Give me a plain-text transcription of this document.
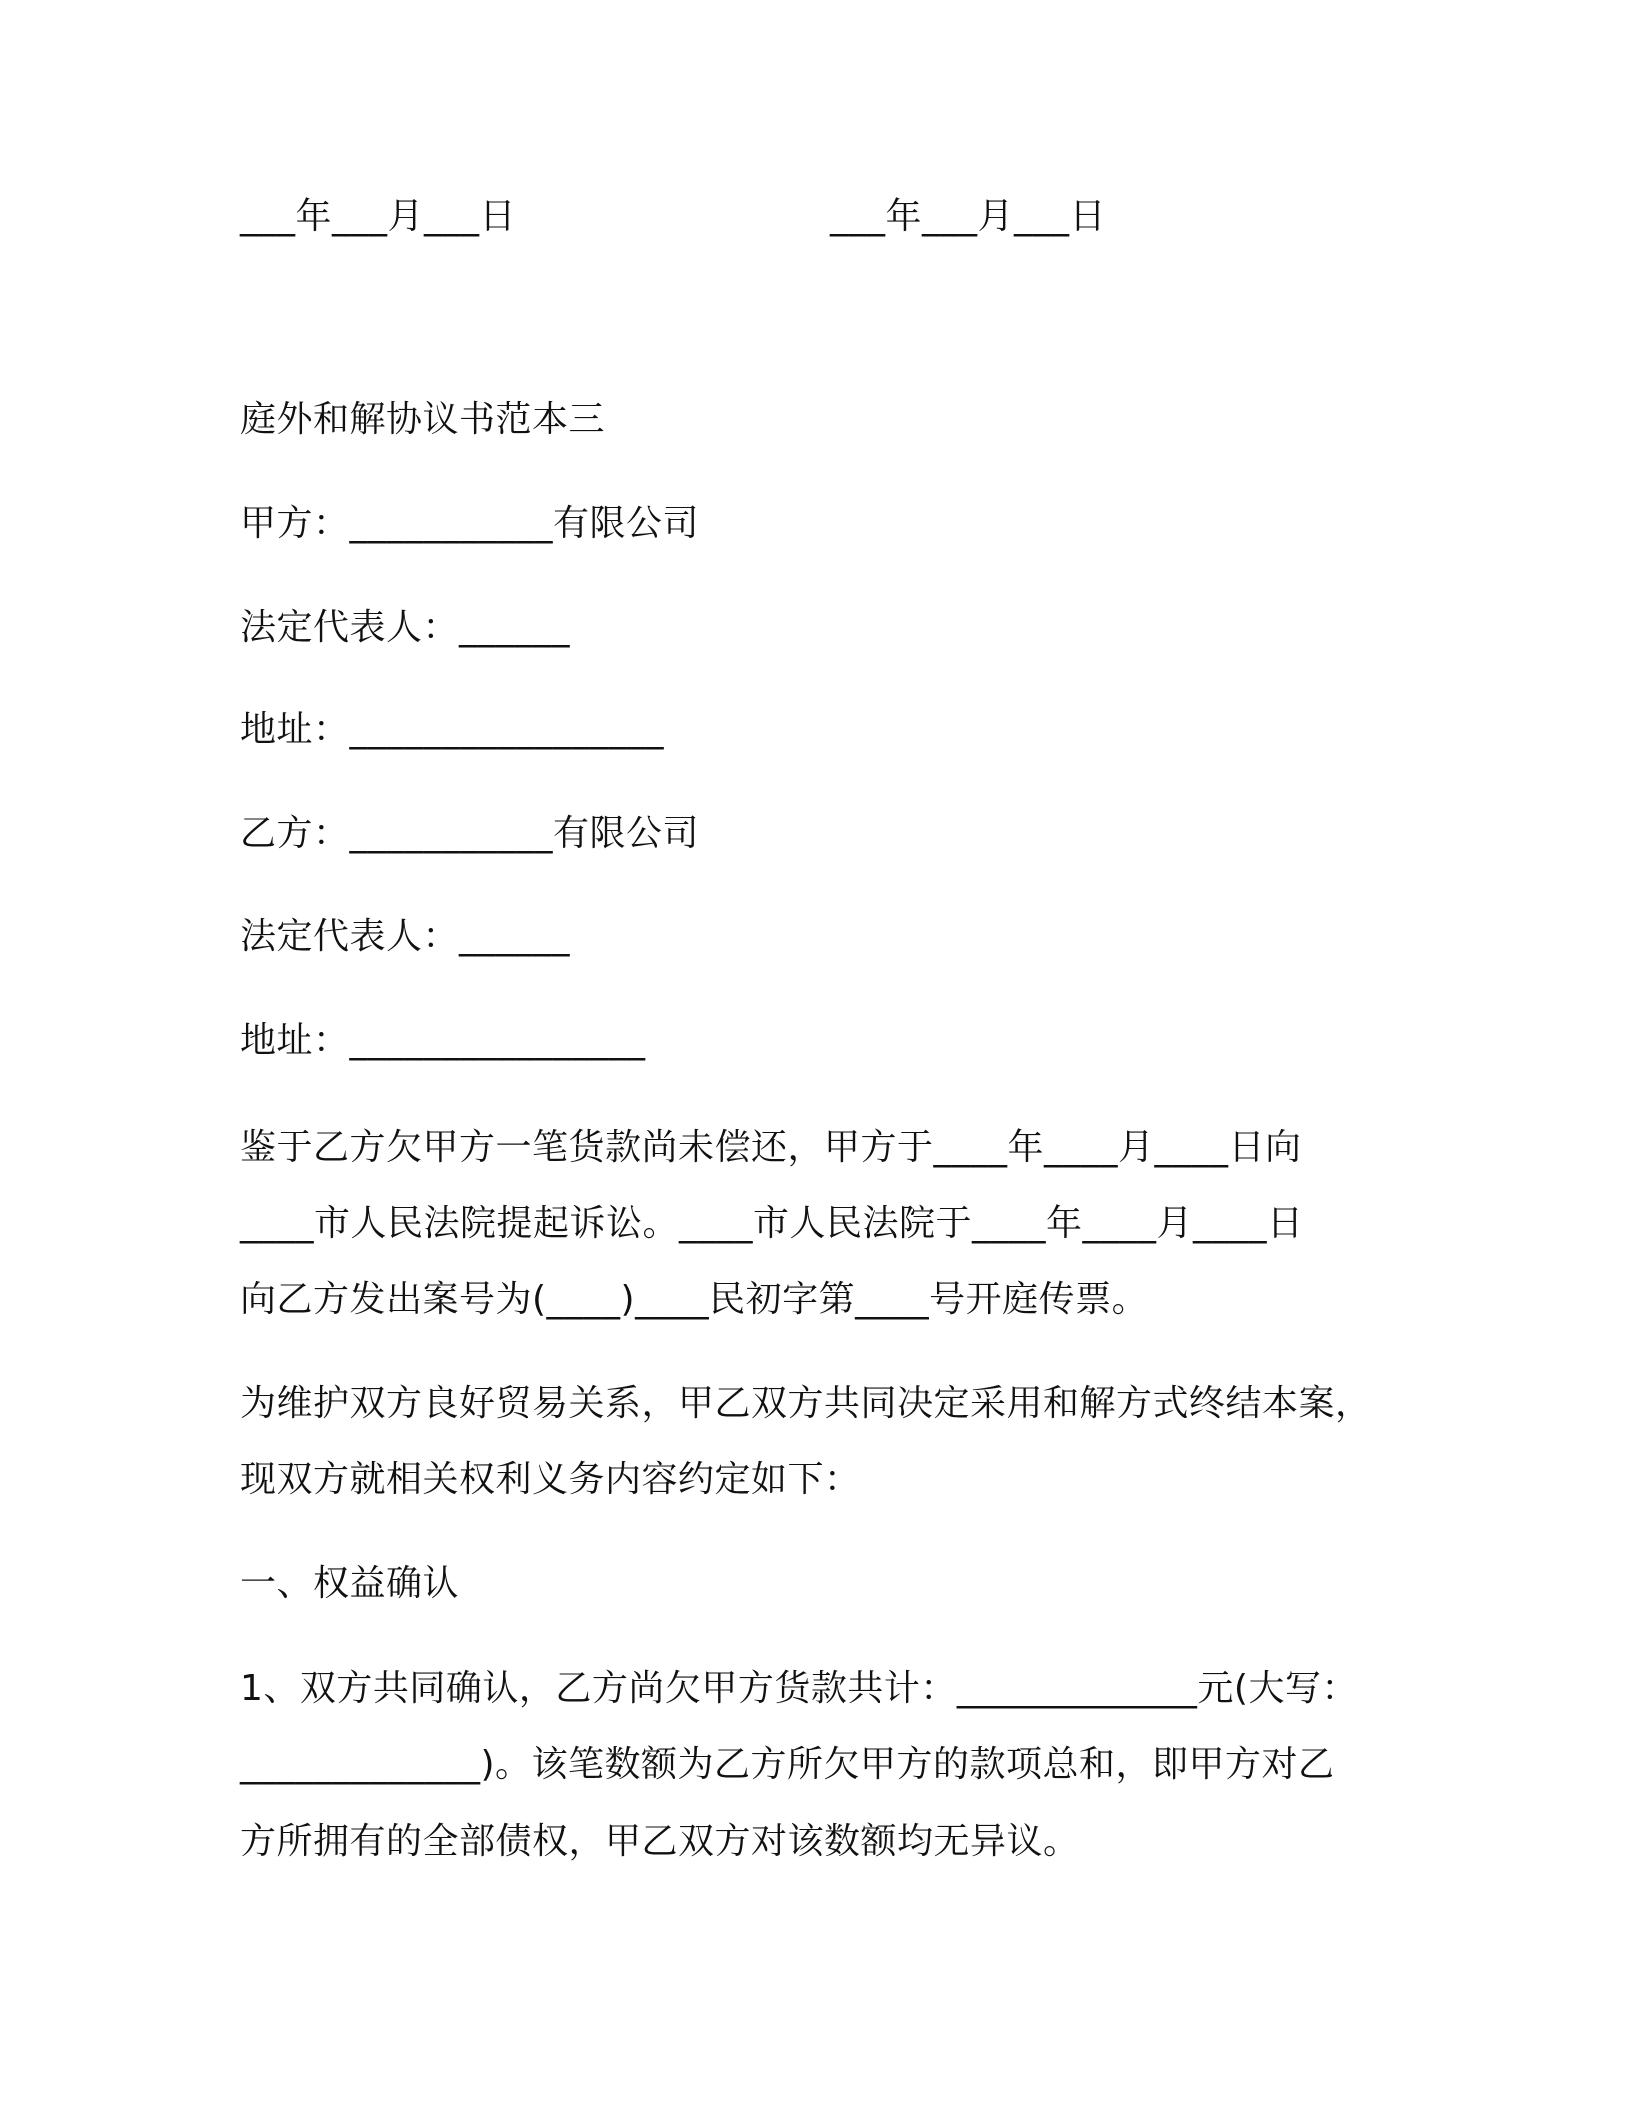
___年___月___日	___年___月___日
庭外和解协议书范本三
甲方：___________有限公司
法定代表人：______
地址：_________________
乙方：___________有限公司
法定代表人：______
地址：________________
鉴于乙方欠甲方一笔货款尚未偿还，甲方于____年____月____日向
____市人民法院提起诉讼。____市人民法院于____年____月____日
向乙方发出案号为(____)____民初字第____号开庭传票。
为维护双方良好贸易关系，甲乙双方共同决定采用和解方式终结本案，
现双方就相关权利义务内容约定如下：
一、权益确认
1、双方共同确认，乙方尚欠甲方货款共计：_____________元(大写：
_____________)。该笔数额为乙方所欠甲方的款项总和，即甲方对乙
方所拥有的全部债权，甲乙双方对该数额均无异议。
